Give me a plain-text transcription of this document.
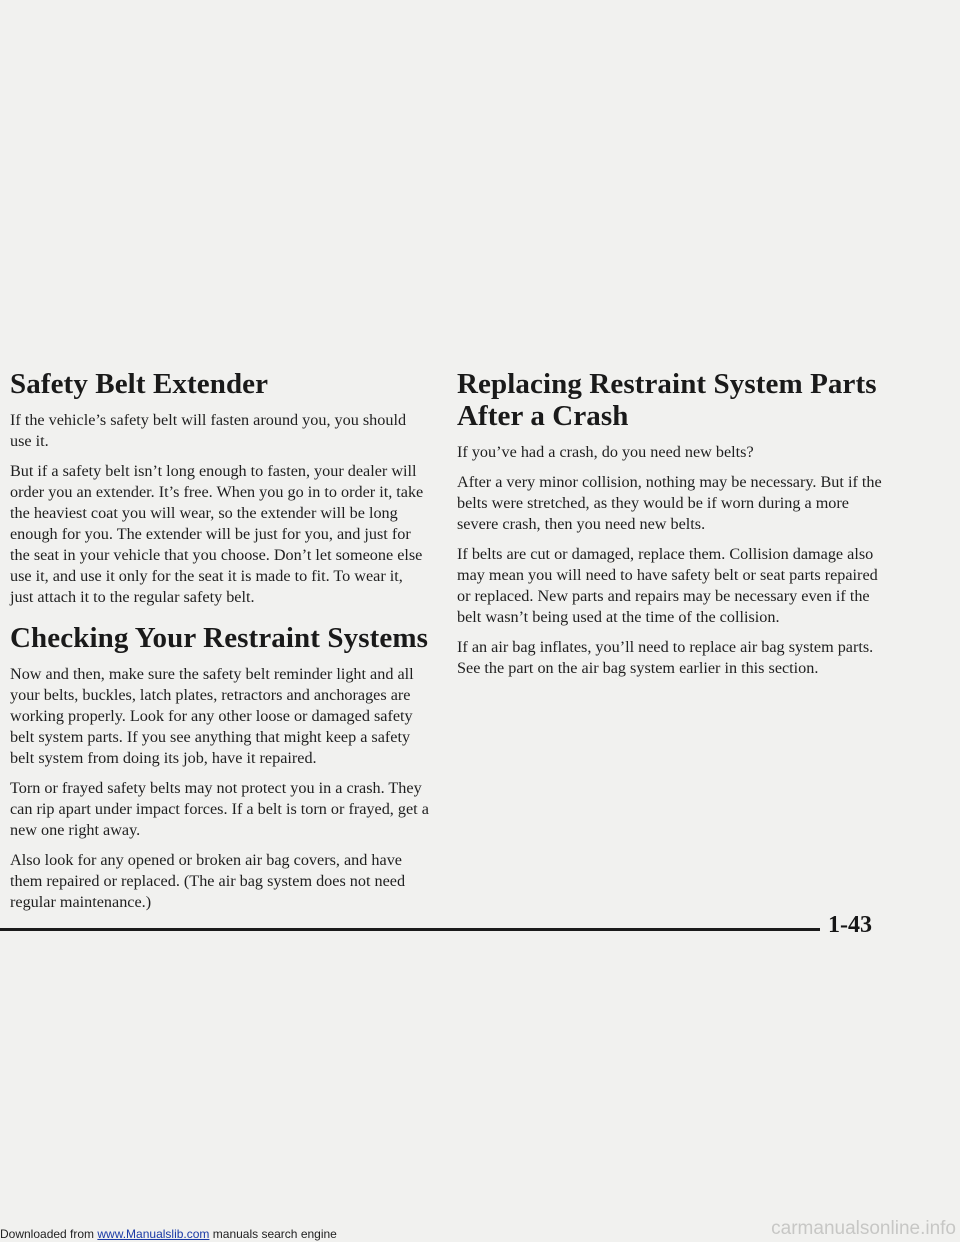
Safety Belt Extender

If the vehicle’s safety belt will fasten around you, you should use it.

But if a safety belt isn’t long enough to fasten, your dealer will order you an extender. It’s free. When you go in to order it, take the heaviest coat you will wear, so the extender will be long enough for you. The extender will be just for you, and just for the seat in your vehicle that you choose. Don’t let someone else use it, and use it only for the seat it is made to fit. To wear it, just attach it to the regular safety belt.

Checking Your Restraint Systems

Now and then, make sure the safety belt reminder light and all your belts, buckles, latch plates, retractors and anchorages are working properly. Look for any other loose or damaged safety belt system parts. If you see anything that might keep a safety belt system from doing its job, have it repaired.

Torn or frayed safety belts may not protect you in a crash. They can rip apart under impact forces. If a belt is torn or frayed, get a new one right away.

Also look for any opened or broken air bag covers, and have them repaired or replaced. (The air bag system does not need regular maintenance.)

Replacing Restraint System Parts After a Crash

If you’ve had a crash, do you need new belts?

After a very minor collision, nothing may be necessary. But if the belts were stretched, as they would be if worn during a more severe crash, then you need new belts.

If belts are cut or damaged, replace them. Collision damage also may mean you will need to have safety belt or seat parts repaired or replaced. New parts and repairs may be necessary even if the belt wasn’t being used at the time of the collision.

If an air bag inflates, you’ll need to replace air bag system parts. See the part on the air bag system earlier in this section.

1-43
Downloaded from www.Manualslib.com manuals search engine	carmanualsonline.info
